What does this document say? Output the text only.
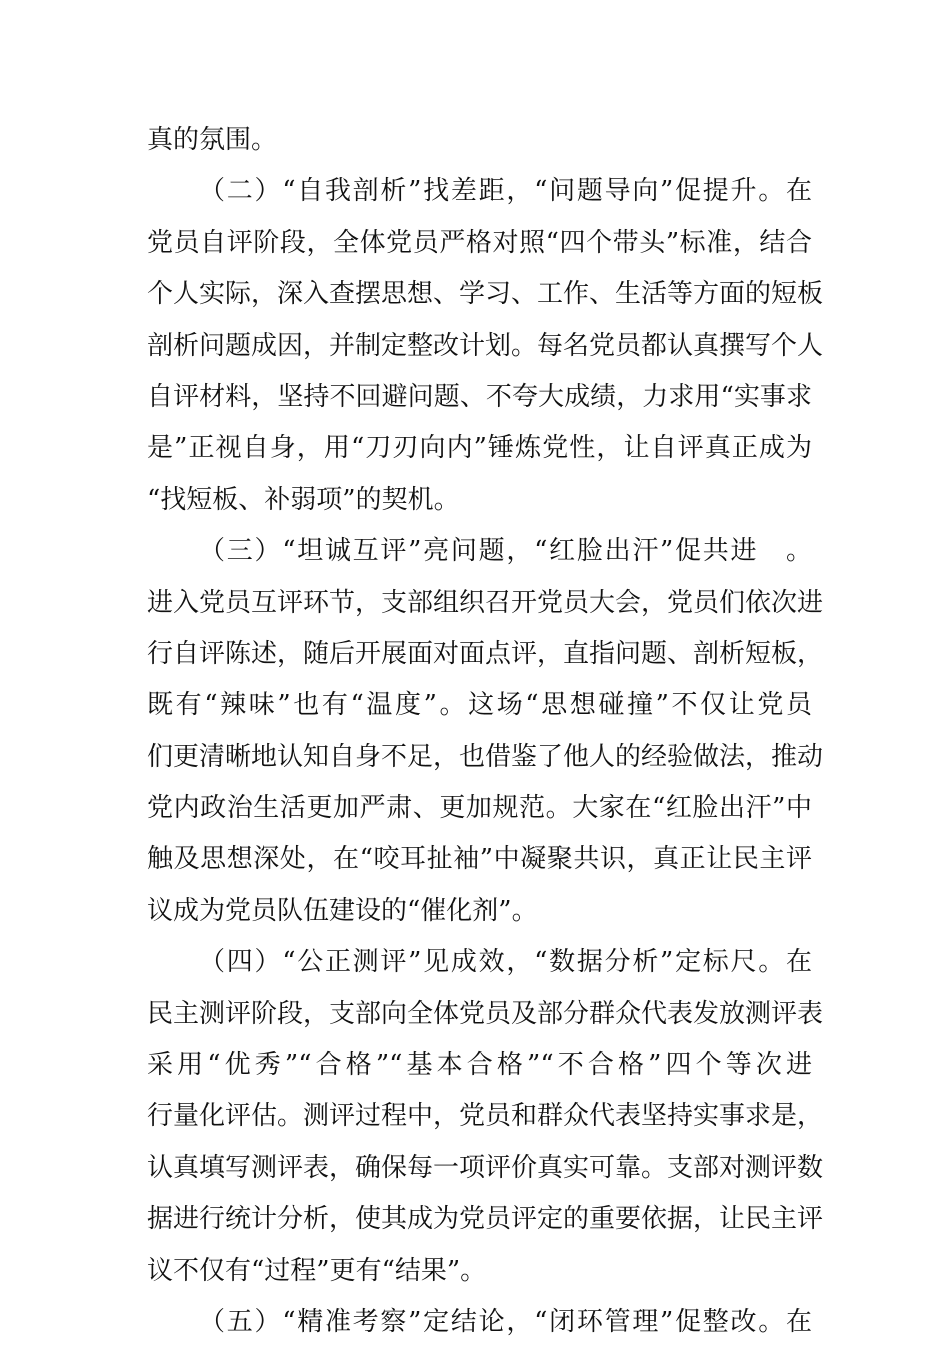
真的氛围。
（二）“自我剖析”找差距，“问题导向”促提升。在
党员自评阶段，全体党员严格对照“四个带头”标准，结合
个人实际，深入查摆思想、学习、工作、生活等方面的短板
剖析问题成因，并制定整改计划。每名党员都认真撰写个人
自评材料，坚持不回避问题、不夸大成绩，力求用“实事求
是”正视自身，用“刀刃向内”锤炼党性，让自评真正成为
“找短板、补弱项”的契机。
（三）“坦诚互评”亮问题，“红脸出汗”促共进　。
进入党员互评环节，支部组织召开党员大会，党员们依次进
行自评陈述，随后开展面对面点评，直指问题、剖析短板，
既有“辣味”也有“温度”。这场“思想碰撞”不仅让党员
们更清晰地认知自身不足，也借鉴了他人的经验做法，推动
党内政治生活更加严肃、更加规范。大家在“红脸出汗”中
触及思想深处，在“咬耳扯袖”中凝聚共识，真正让民主评
议成为党员队伍建设的“催化剂”。
（四）“公正测评”见成效，“数据分析”定标尺。在
民主测评阶段，支部向全体党员及部分群众代表发放测评表
采用“优秀”“合格”“基本合格”“不合格”四个等次进
行量化评估。测评过程中，党员和群众代表坚持实事求是，
认真填写测评表，确保每一项评价真实可靠。支部对测评数
据进行统计分析，使其成为党员评定的重要依据，让民主评
议不仅有“过程”更有“结果”。
（五）“精准考察”定结论，“闭环管理”促整改。在
